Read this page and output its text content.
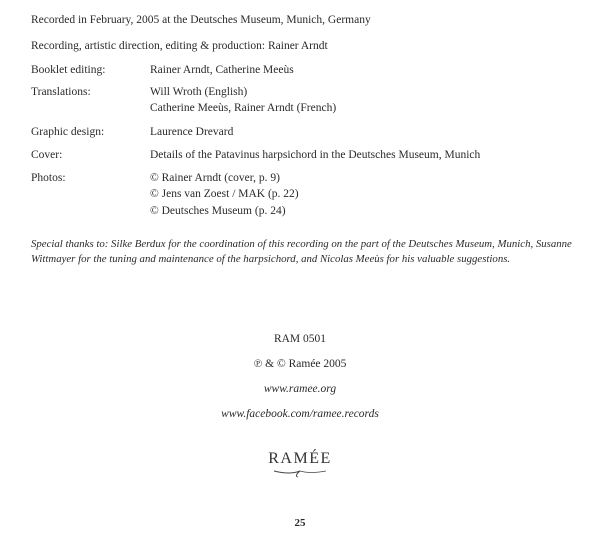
Recorded in February, 2005 at the Deutsches Museum, Munich, Germany
Recording, artistic direction, editing & production: Rainer Arndt
Booklet editing:	Rainer Arndt, Catherine Meeùs
Translations:	Will Wroth (English)
Catherine Meeùs, Rainer Arndt (French)
Graphic design:	Laurence Drevard
Cover:	Details of the Patavinus harpsichord in the Deutsches Museum, Munich
Photos:	© Rainer Arndt (cover, p. 9)
© Jens van Zoest / MAK (p. 22)
© Deutsches Museum (p. 24)
Special thanks to: Silke Berdux for the coordination of this recording on the part of the Deutsches Museum, Munich, Susanne Wittmayer for the tuning and maintenance of the harpsichord, and Nicolas Meeùs for his valuable suggestions.
RAM 0501
℗ & © Ramée 2005
www.ramee.org
www.facebook.com/ramee.records
RAMÉE
25
